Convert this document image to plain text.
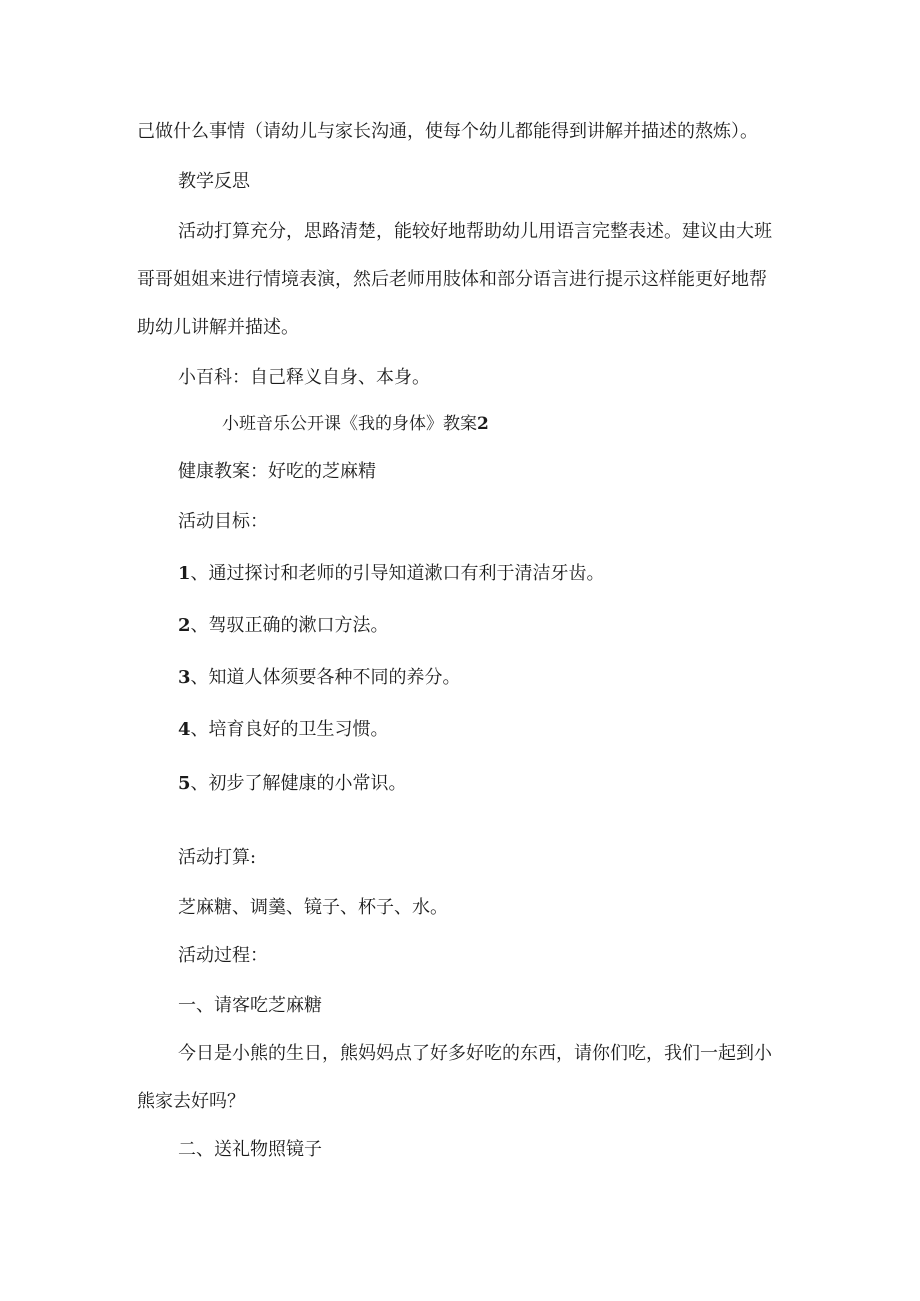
己做什么事情（请幼儿与家长沟通，使每个幼儿都能得到讲解并描述的熬炼）。

教学反思

活动打算充分，思路清楚，能较好地帮助幼儿用语言完整表述。建议由大班

哥哥姐姐来进行情境表演，然后老师用肢体和部分语言进行提示这样能更好地帮

助幼儿讲解并描述。

小百科：自己释义自身、本身。

小班音乐公开课《我的身体》教案2

健康教案：好吃的芝麻精

活动目标：

1、通过探讨和老师的引导知道漱口有利于清洁牙齿。

2、驾驭正确的漱口方法。

3、知道人体须要各种不同的养分。

4、培育良好的卫生习惯。

5、初步了解健康的小常识。

活动打算:

芝麻糖、调羹、镜子、杯子、水。

活动过程：

一、请客吃芝麻糖

今日是小熊的生日，熊妈妈点了好多好吃的东西，请你们吃，我们一起到小

熊家去好吗？

二、送礼物照镜子
